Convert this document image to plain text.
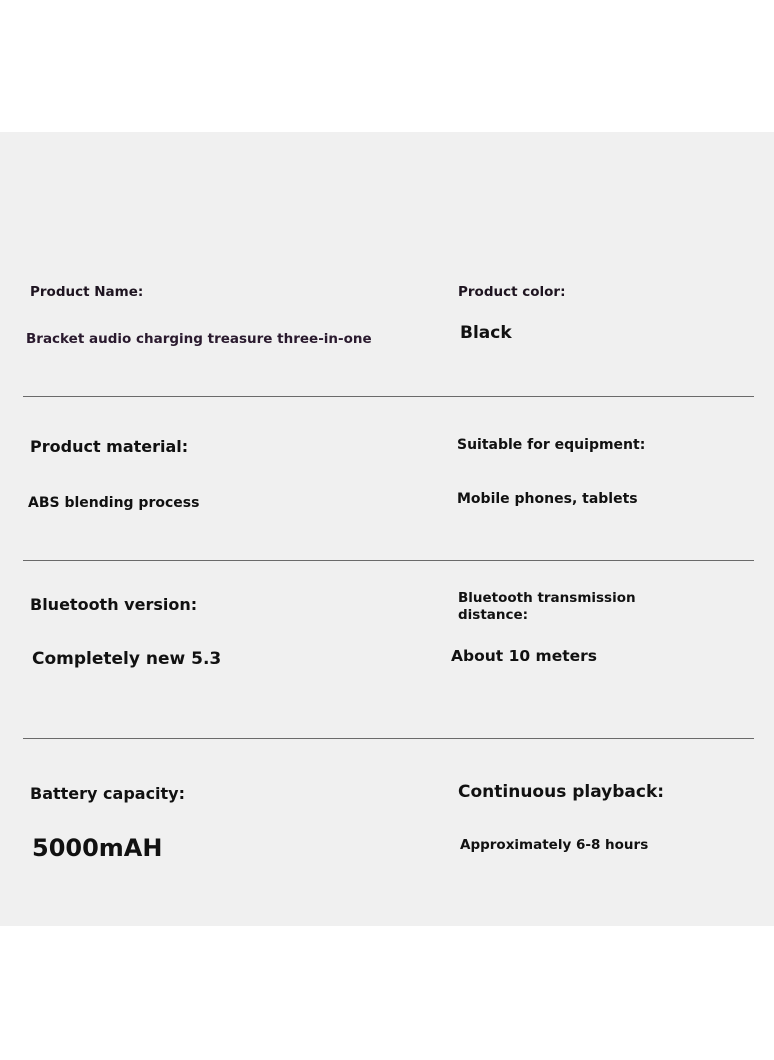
Product Name:

Bracket audio charging treasure three-in-one

Product color:

Black

Product material:

ABS blending process

Suitable for equipment:

Mobile phones, tablets

Bluetooth version:

Completely new 5.3

Bluetooth transmission distance:

About 10 meters

Battery capacity:

5000mAH

Continuous playback:

Approximately 6-8 hours
